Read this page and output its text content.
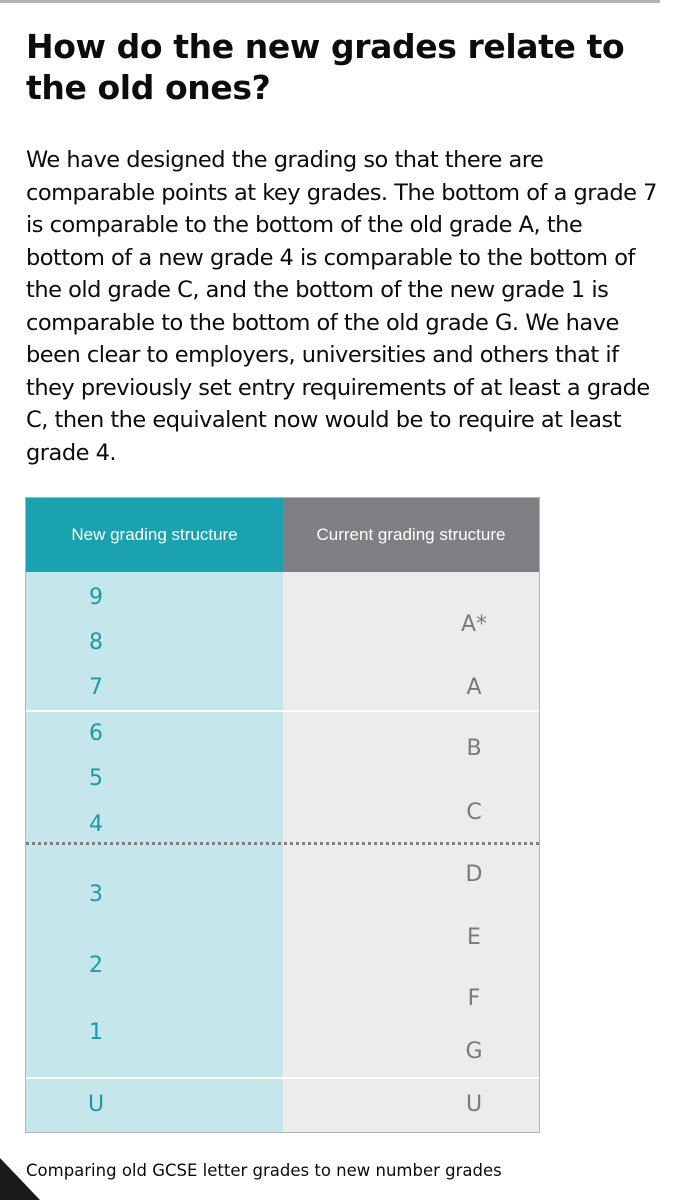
How do the new grades relate to the old ones?

We have designed the grading so that there are comparable points at key grades. The bottom of a grade 7 is comparable to the bottom of the old grade A, the bottom of a new grade 4 is comparable to the bottom of the old grade C, and the bottom of the new grade 1 is comparable to the bottom of the old grade G. We have been clear to employers, universities and others that if they previously set entry requirements of at least a grade C, then the equivalent now would be to require at least grade 4.

New grading structure	Current grading structure
9
8
7
6
5
4
3
2
1
U
A*
A
B
C
D
E
F
G
U
Comparing old GCSE letter grades to new number grades
